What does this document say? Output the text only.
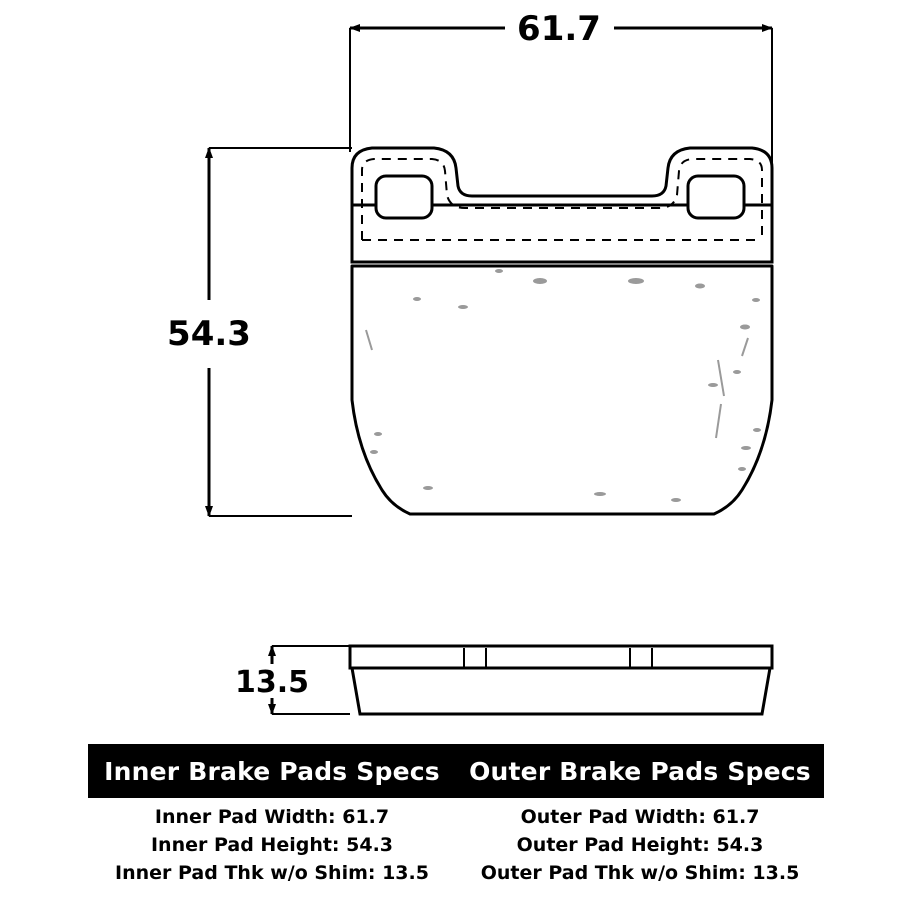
61.7
54.3
13.5
Inner Brake Pads Specs	Outer Brake Pads Specs
Inner Pad Width: 61.7	Outer Pad Width: 61.7
Inner Pad Height: 54.3	Outer Pad Height: 54.3
Inner Pad Thk w/o Shim: 13.5	Outer Pad Thk w/o Shim: 13.5
